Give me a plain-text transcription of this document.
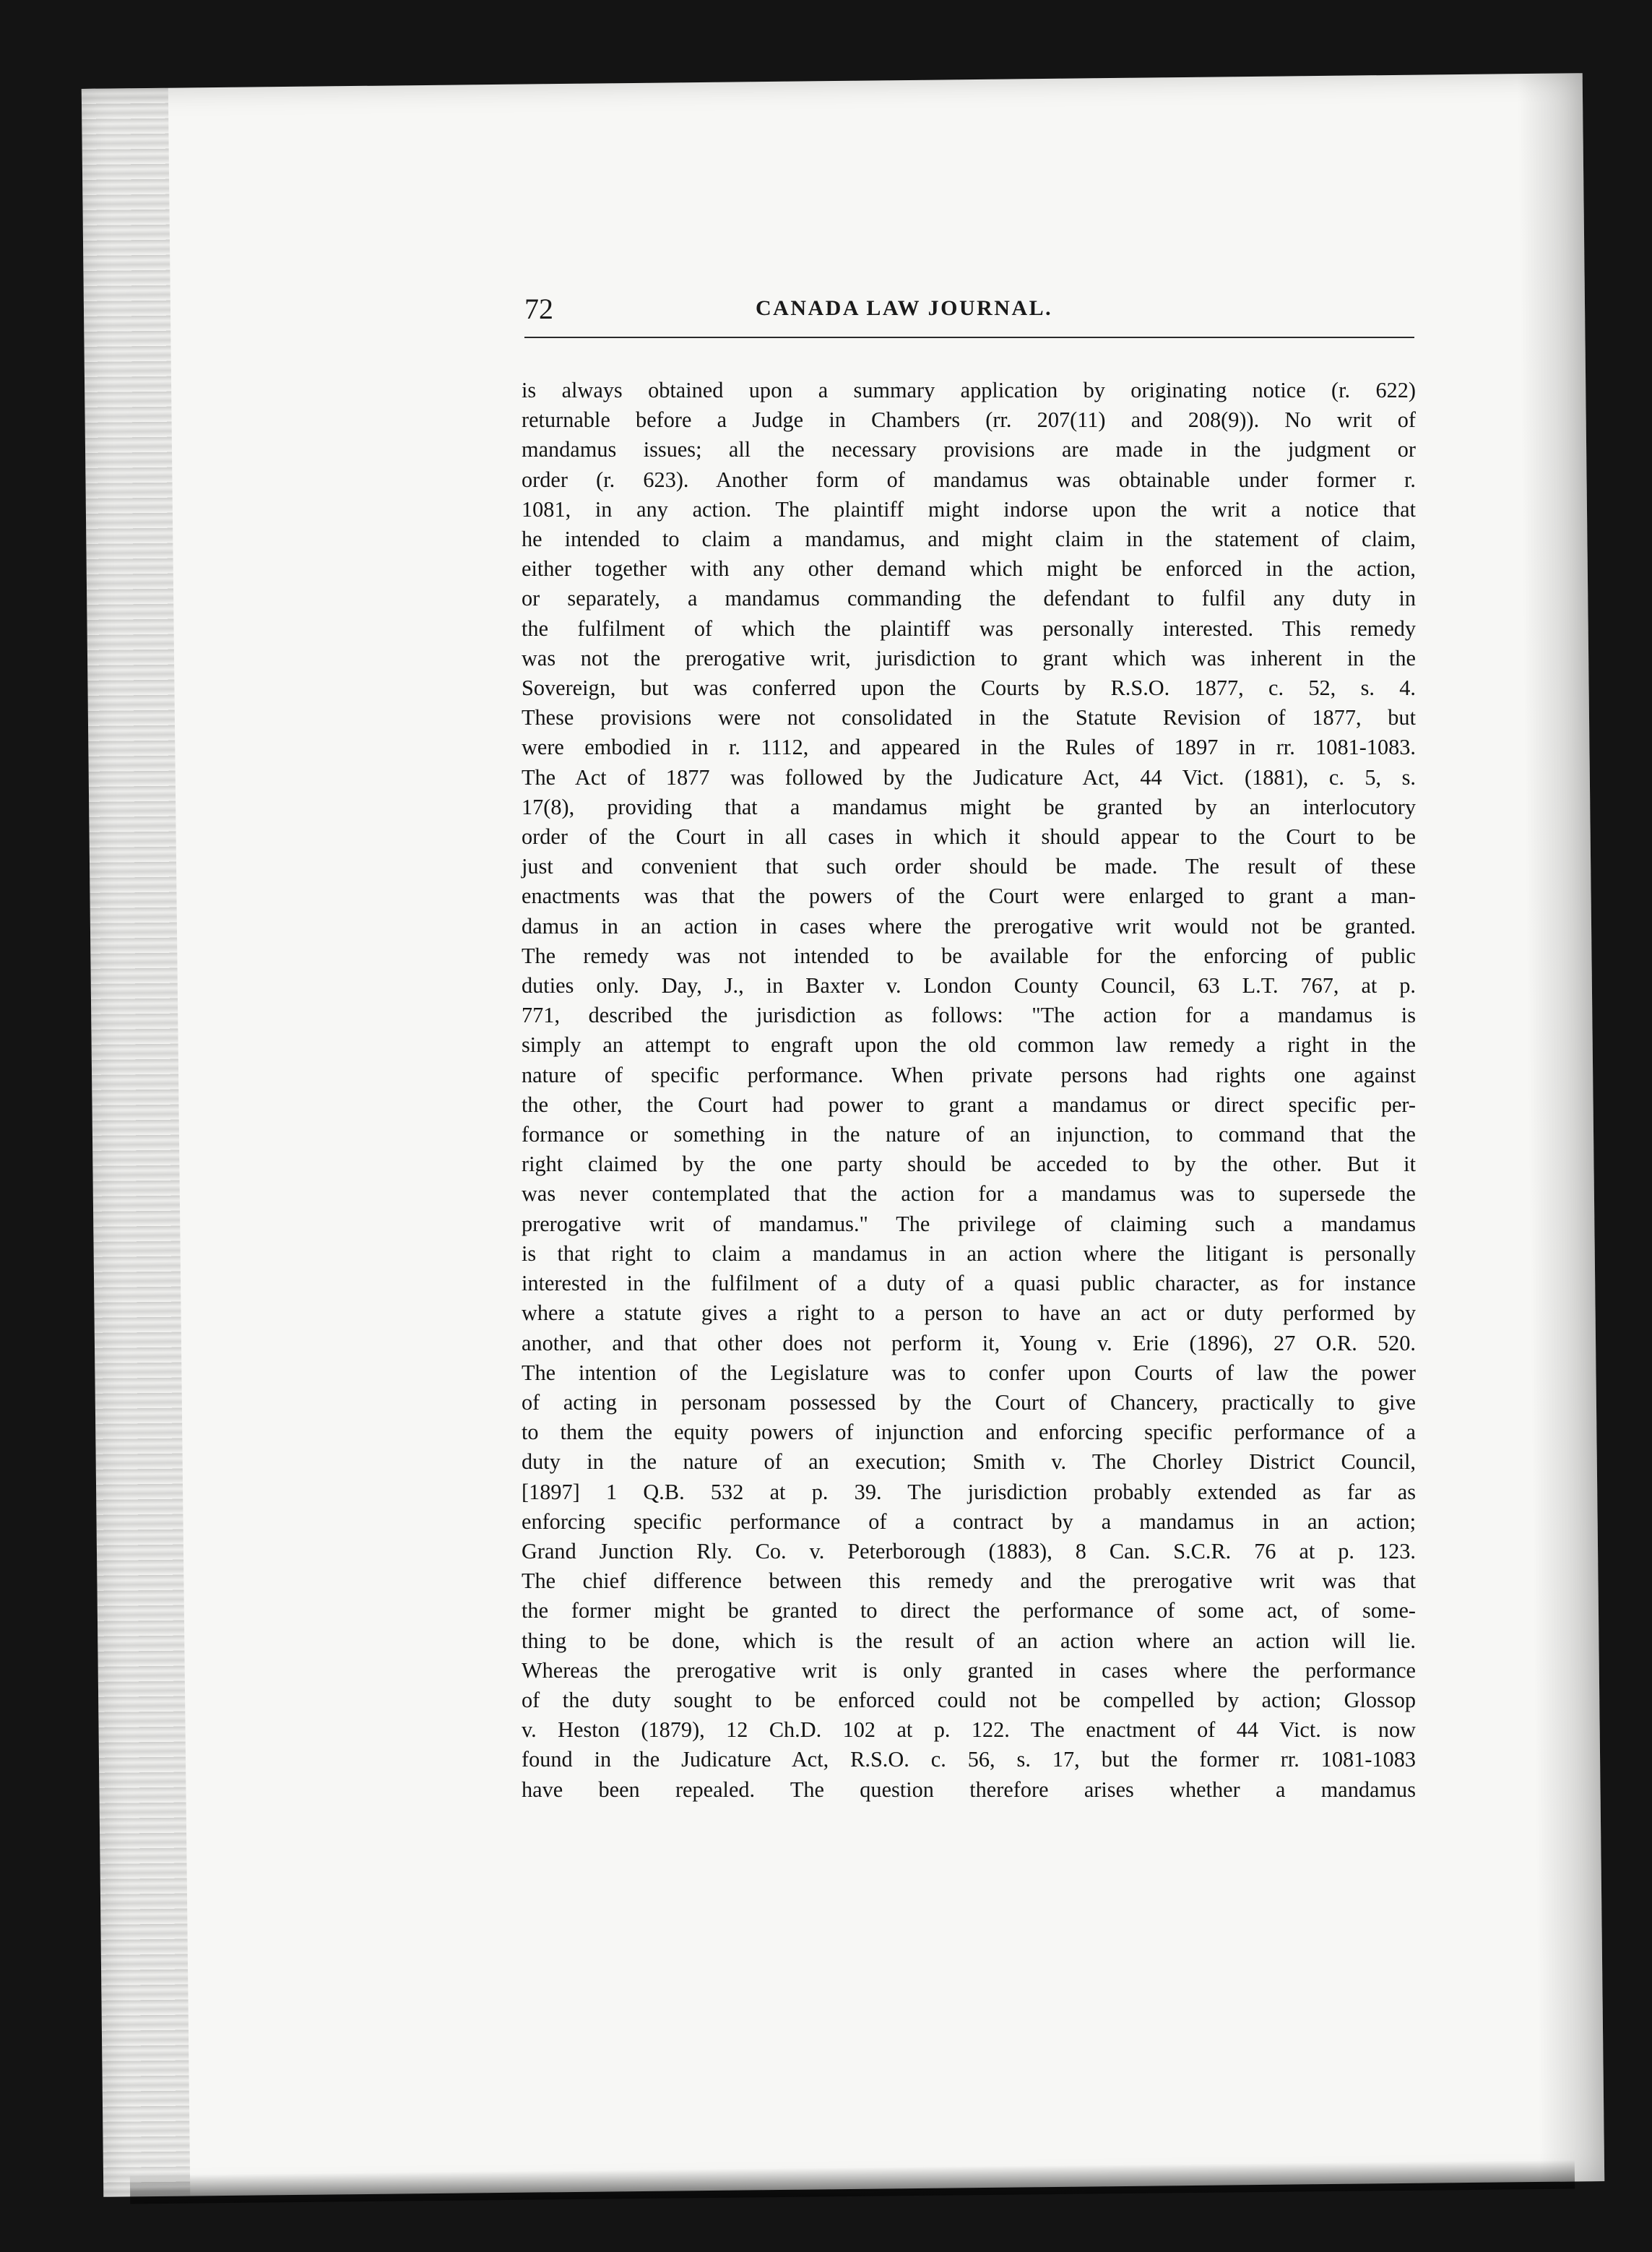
72	CANADA LAW JOURNAL.
is always obtained upon a summary application by originating notice (r. 622)
returnable before a Judge in Chambers (rr. 207(11) and 208(9)). No writ of
mandamus issues; all the necessary provisions are made in the judgment or
order (r. 623). Another form of mandamus was obtainable under former r.
1081, in any action. The plaintiff might indorse upon the writ a notice that
he intended to claim a mandamus, and might claim in the statement of claim,
either together with any other demand which might be enforced in the action,
or separately, a mandamus commanding the defendant to fulfil any duty in
the fulfilment of which the plaintiff was personally interested. This remedy
was not the prerogative writ, jurisdiction to grant which was inherent in the
Sovereign, but was conferred upon the Courts by R.S.O. 1877, c. 52, s. 4.
These provisions were not consolidated in the Statute Revision of 1877, but
were embodied in r. 1112, and appeared in the Rules of 1897 in rr. 1081-1083.
The Act of 1877 was followed by the Judicature Act, 44 Vict. (1881), c. 5, s.
17(8), providing that a mandamus might be granted by an interlocutory
order of the Court in all cases in which it should appear to the Court to be
just and convenient that such order should be made. The result of these
enactments was that the powers of the Court were enlarged to grant a man-
damus in an action in cases where the prerogative writ would not be granted.
The remedy was not intended to be available for the enforcing of public
duties only. Day, J., in Baxter v. London County Council, 63 L.T. 767, at p.
771, described the jurisdiction as follows: "The action for a mandamus is
simply an attempt to engraft upon the old common law remedy a right in the
nature of specific performance. When private persons had rights one against
the other, the Court had power to grant a mandamus or direct specific per-
formance or something in the nature of an injunction, to command that the
right claimed by the one party should be acceded to by the other. But it
was never contemplated that the action for a mandamus was to supersede the
prerogative writ of mandamus." The privilege of claiming such a mandamus
is that right to claim a mandamus in an action where the litigant is personally
interested in the fulfilment of a duty of a quasi public character, as for instance
where a statute gives a right to a person to have an act or duty performed by
another, and that other does not perform it, Young v. Erie (1896), 27 O.R. 520.
The intention of the Legislature was to confer upon Courts of law the power
of acting in personam possessed by the Court of Chancery, practically to give
to them the equity powers of injunction and enforcing specific performance of a
duty in the nature of an execution; Smith v. The Chorley District Council,
[1897] 1 Q.B. 532 at p. 39. The jurisdiction probably extended as far as
enforcing specific performance of a contract by a mandamus in an action;
Grand Junction Rly. Co. v. Peterborough (1883), 8 Can. S.C.R. 76 at p. 123.
The chief difference between this remedy and the prerogative writ was that
the former might be granted to direct the performance of some act, of some-
thing to be done, which is the result of an action where an action will lie.
Whereas the prerogative writ is only granted in cases where the performance
of the duty sought to be enforced could not be compelled by action; Glossop
v. Heston (1879), 12 Ch.D. 102 at p. 122. The enactment of 44 Vict. is now
found in the Judicature Act, R.S.O. c. 56, s. 17, but the former rr. 1081-1083
have been repealed. The question therefore arises whether a mandamus
